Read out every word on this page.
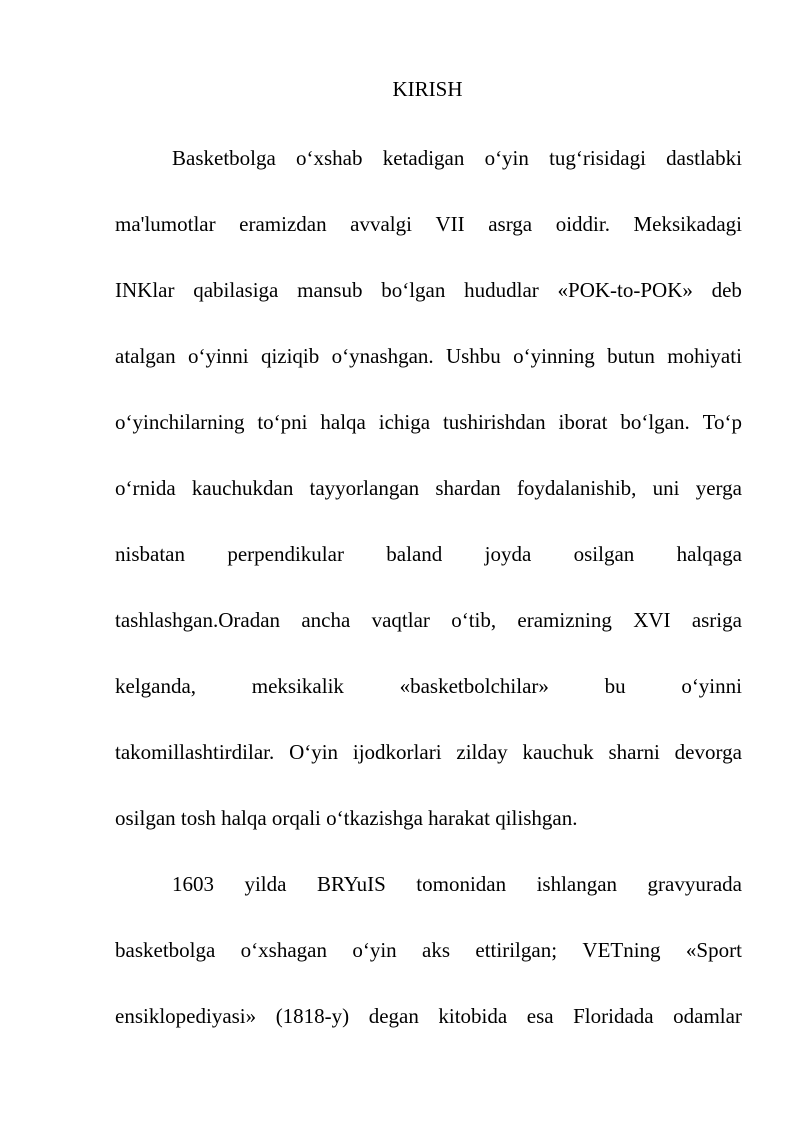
KIRISH
Basketbolga o‘xshab ketadigan o‘yin tug‘risidagi dastlabki
ma'lumotlar eramizdan avvalgi VII asrga oiddir. Meksikadagi
INKlar qabilasiga mansub bo‘lgan hududlar «POK-to-POK» deb
atalgan o‘yinni qiziqib o‘ynashgan. Ushbu o‘yinning butun mohiyati
o‘yinchilarning to‘pni halqa ichiga tushirishdan iborat bo‘lgan. To‘p
o‘rnida kauchukdan tayyorlangan shardan foydalanishib, uni yerga
nisbatan perpendikular baland joyda osilgan halqaga
tashlashgan.Oradan ancha vaqtlar o‘tib, eramizning XVI asriga
kelganda,	meksikalik	«basketbolchilar»	bu	o‘yinni
takomillashtirdilar. O‘yin ijodkorlari zilday kauchuk sharni devorga
osilgan tosh halqa orqali o‘tkazishga harakat qilishgan.
1603 yilda BRYuIS tomonidan ishlangan gravyurada
basketbolga o‘xshagan o‘yin aks ettirilgan; VETning «Sport
ensiklopediyasi» (1818-y) degan kitobida esa Floridada odamlar
